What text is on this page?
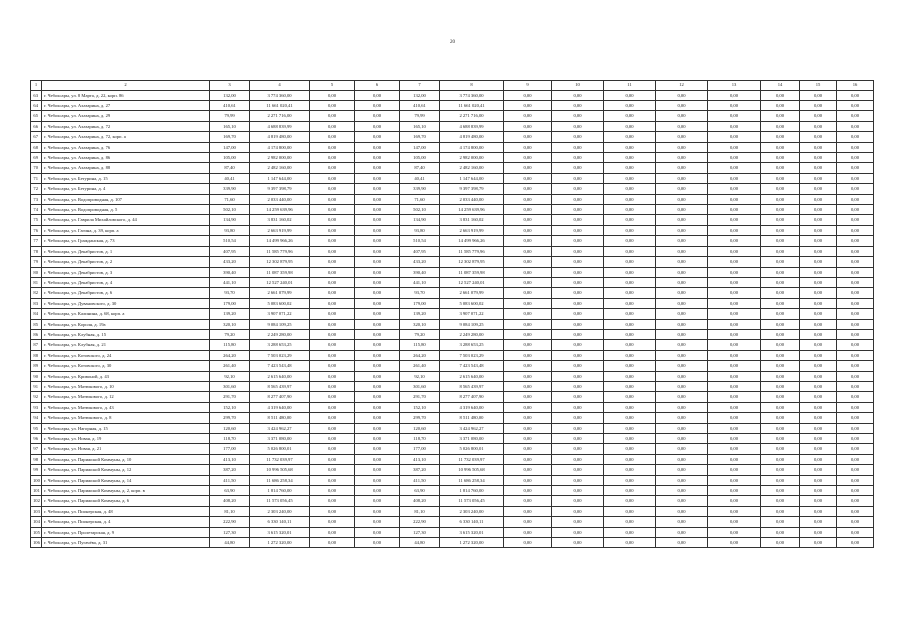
20
1	2	3	4	5	6	7	8	9	10	11	12	13	14	15	16
63	г. Чебоксары, ул. 8 Марта, д. 22, корп. 86	132,00	3 774 360,00	0,00	0,00	132,00	3 774 360,00	0,00	0,00	0,00	0,00	0,00	0,00	0,00	0,00
64	г. Чебоксары, ул. Ахазарина, д. 27	410,61	11 661 020,41	0,00	0,00	410,61	11 661 020,41	0,00	0,00	0,00	0,00	0,00	0,00	0,00	0,00
65	г. Чебоксары, ул. Ахазарина, д. 29	79,99	2 271 716,00	0,00	0,00	79,99	2 271 716,00	0,00	0,00	0,00	0,00	0,00	0,00	0,00	0,00
66	г. Чебоксары, ул. Ахазарина, д. 72	165,10	4 688 839,99	0,00	0,00	165,10	4 688 839,99	0,00	0,00	0,00	0,00	0,00	0,00	0,00	0,00
67	г. Чебоксары, ул. Ахазарина, д. 72, корп. а	169,70	4 819 480,00	0,00	0,00	169,70	4 819 480,00	0,00	0,00	0,00	0,00	0,00	0,00	0,00	0,00
68	г. Чебоксары, ул. Ахазарина, д. 76	147,00	4 174 800,00	0,00	0,00	147,00	4 174 800,00	0,00	0,00	0,00	0,00	0,00	0,00	0,00	0,00
69	г. Чебоксары, ул. Ахазарина, д. 86	105,00	2 982 000,00	0,00	0,00	105,00	2 982 000,00	0,00	0,00	0,00	0,00	0,00	0,00	0,00	0,00
70	г. Чебоксары, ул. Ахазарина, д. 88	87,40	2 482 160,00	0,00	0,00	87,40	2 482 160,00	0,00	0,00	0,00	0,00	0,00	0,00	0,00	0,00
71	г. Чебоксары, ул. Бетурина, д. 15	40,41	1 147 644,00	0,00	0,00	40,41	1 147 644,00	0,00	0,00	0,00	0,00	0,00	0,00	0,00	0,00
72	г. Чебоксары, ул. Бетурина, д. 4	339,90	9 397 398,79	0,00	0,00	339,90	9 397 398,79	0,00	0,00	0,00	0,00	0,00	0,00	0,00	0,00
73	г. Чебоксары, ул. Водопроводная, д. 107	71,60	2 033 440,00	0,00	0,00	71,60	2 033 440,00	0,00	0,00	0,00	0,00	0,00	0,00	0,00	0,00
74	г. Чебоксары, ул. Водопроводная, д. 5	502,10	14 259 639,96	0,00	0,00	502,10	14 259 639,96	0,00	0,00	0,00	0,00	0,00	0,00	0,00	0,00
75	г. Чебоксары, ул. Гаврила Михайловского, д. 44	134,90	3 831 160,02	0,00	0,00	134,90	3 831 160,02	0,00	0,00	0,00	0,00	0,00	0,00	0,00	0,00
76	г. Чебоксары, ул. Гагина, д. 39, корп. а	93,80	2 663 919,99	0,00	0,00	93,80	2 663 919,99	0,00	0,00	0,00	0,00	0,00	0,00	0,00	0,00
77	г. Чебоксары, ул. Гражданская, д. 73	510,54	14 499 966,26	0,00	0,00	510,54	14 499 966,26	0,00	0,00	0,00	0,00	0,00	0,00	0,00	0,00
78	г. Чебоксары, ул. Декабристов, д. 1	407,95	11 585 779,96	0,00	0,00	407,95	11 585 779,96	0,00	0,00	0,00	0,00	0,00	0,00	0,00	0,00
79	г. Чебоксары, ул. Декабристов, д. 2	433,20	12 302 879,95	0,00	0,00	433,20	12 302 879,95	0,00	0,00	0,00	0,00	0,00	0,00	0,00	0,00
80	г. Чебоксары, ул. Декабристов, д. 3	390,40	11 087 359,98	0,00	0,00	390,40	11 087 359,98	0,00	0,00	0,00	0,00	0,00	0,00	0,00	0,00
81	г. Чебоксары, ул. Декабристов, д. 4	441,10	12 527 240,01	0,00	0,00	441,10	12 527 240,01	0,00	0,00	0,00	0,00	0,00	0,00	0,00	0,00
82	г. Чебоксары, ул. Декабристов, д. 6	93,70	2 661 079,99	0,00	0,00	93,70	2 661 079,99	0,00	0,00	0,00	0,00	0,00	0,00	0,00	0,00
83	г. Чебоксары, ул. Дувановского, д. 30	179,00	5 083 600,02	0,00	0,00	179,00	5 083 600,02	0,00	0,00	0,00	0,00	0,00	0,00	0,00	0,00
84	г. Чебоксары, ул. Калинина, д. 68, корп. а	139,20	3 907 071,22	0,00	0,00	139,20	3 907 071,22	0,00	0,00	0,00	0,00	0,00	0,00	0,00	0,00
85	г. Чебоксары, ул. Короля, д. 19а	320,10	9 084 109,25	0,00	0,00	320,10	9 084 109,25	0,00	0,00	0,00	0,00	0,00	0,00	0,00	0,00
86	г. Чебоксары, ул. Клубная, д. 15	79,20	2 249 280,00	0,00	0,00	79,20	2 249 280,00	0,00	0,00	0,00	0,00	0,00	0,00	0,00	0,00
87	г. Чебоксары, ул. Клубная, д. 21	115,80	3 288 653,25	0,00	0,00	115,80	3 288 653,25	0,00	0,00	0,00	0,00	0,00	0,00	0,00	0,00
88	г. Чебоксары, ул. Котовского, д. 24	264,20	7 503 023,29	0,00	0,00	264,20	7 503 023,29	0,00	0,00	0,00	0,00	0,00	0,00	0,00	0,00
89	г. Чебоксары, ул. Котовского, д. 30	261,40	7 423 543,48	0,00	0,00	261,40	7 423 543,48	0,00	0,00	0,00	0,00	0,00	0,00	0,00	0,00
90	г. Чебоксары, ул. Кривоной, д. 43	92,10	2 615 640,00	0,00	0,00	92,10	2 615 640,00	0,00	0,00	0,00	0,00	0,00	0,00	0,00	0,00
91	г. Чебоксары, ул. Матюкового, д. 10	301,60	8 565 439,97	0,00	0,00	301,60	8 565 439,97	0,00	0,00	0,00	0,00	0,00	0,00	0,00	0,00
92	г. Чебоксары, ул. Матюкового, д. 12	291,70	8 277 407,90	0,00	0,00	291,70	8 277 407,90	0,00	0,00	0,00	0,00	0,00	0,00	0,00	0,00
93	г. Чебоксары, ул. Матюкового, д. 43	152,10	4 319 640,00	0,00	0,00	152,10	4 319 640,00	0,00	0,00	0,00	0,00	0,00	0,00	0,00	0,00
94	г. Чебоксары, ул. Матюкового, д. 8	299,70	8 511 480,00	0,00	0,00	299,70	8 511 480,00	0,00	0,00	0,00	0,00	0,00	0,00	0,00	0,00
95	г. Чебоксары, ул. Нагорная, д. 15	120,60	3 424 962,27	0,00	0,00	120,60	3 424 962,27	0,00	0,00	0,00	0,00	0,00	0,00	0,00	0,00
96	г. Чебоксары, ул. Новая, д. 19	118,70	3 371 080,00	0,00	0,00	118,70	3 371 080,00	0,00	0,00	0,00	0,00	0,00	0,00	0,00	0,00
97	г. Чебоксары, ул. Новая, д. 21	177,00	5 026 800,01	0,00	0,00	177,00	5 026 800,01	0,00	0,00	0,00	0,00	0,00	0,00	0,00	0,00
98	г. Чебоксары, ул. Парижской Коммуны, д. 10	413,10	11 732 039,97	0,00	0,00	413,10	11 732 039,97	0,00	0,00	0,00	0,00	0,00	0,00	0,00	0,00
99	г. Чебоксары, ул. Парижской Коммуны, д. 12	387,20	10 996 505,68	0,00	0,00	387,20	10 996 505,68	0,00	0,00	0,00	0,00	0,00	0,00	0,00	0,00
100	г. Чебоксары, ул. Парижской Коммуны, д. 14	411,50	11 686 258,34	0,00	0,00	411,50	11 686 258,34	0,00	0,00	0,00	0,00	0,00	0,00	0,00	0,00
101	г. Чебоксары, ул. Парижской Коммуны, д. 2, корп. в	63,90	1 814 760,00	0,00	0,00	63,90	1 814 760,00	0,00	0,00	0,00	0,00	0,00	0,00	0,00	0,00
102	г. Чебоксары, ул. Парижской Коммуны, д. 6	408,20	11 573 056,45	0,00	0,00	408,20	11 573 056,45	0,00	0,00	0,00	0,00	0,00	0,00	0,00	0,00
103	г. Чебоксары, ул. Пионерская, д. 48	81,10	2 303 240,00	0,00	0,00	81,10	2 303 240,00	0,00	0,00	0,00	0,00	0,00	0,00	0,00	0,00
104	г. Чебоксары, ул. Пионерская, д. 4	222,90	6 330 140,11	0,00	0,00	222,90	6 330 140,11	0,00	0,00	0,00	0,00	0,00	0,00	0,00	0,00
105	г. Чебоксары, ул. Пролетарская, д. 9	127,30	3 615 320,01	0,00	0,00	127,30	3 615 320,01	0,00	0,00	0,00	0,00	0,00	0,00	0,00	0,00
106	г. Чебоксары, ул. Пугачёва, д. 31	44,80	1 272 320,00	0,00	0,00	44,80	1 272 320,00	0,00	0,00	0,00	0,00	0,00	0,00	0,00	0,00
